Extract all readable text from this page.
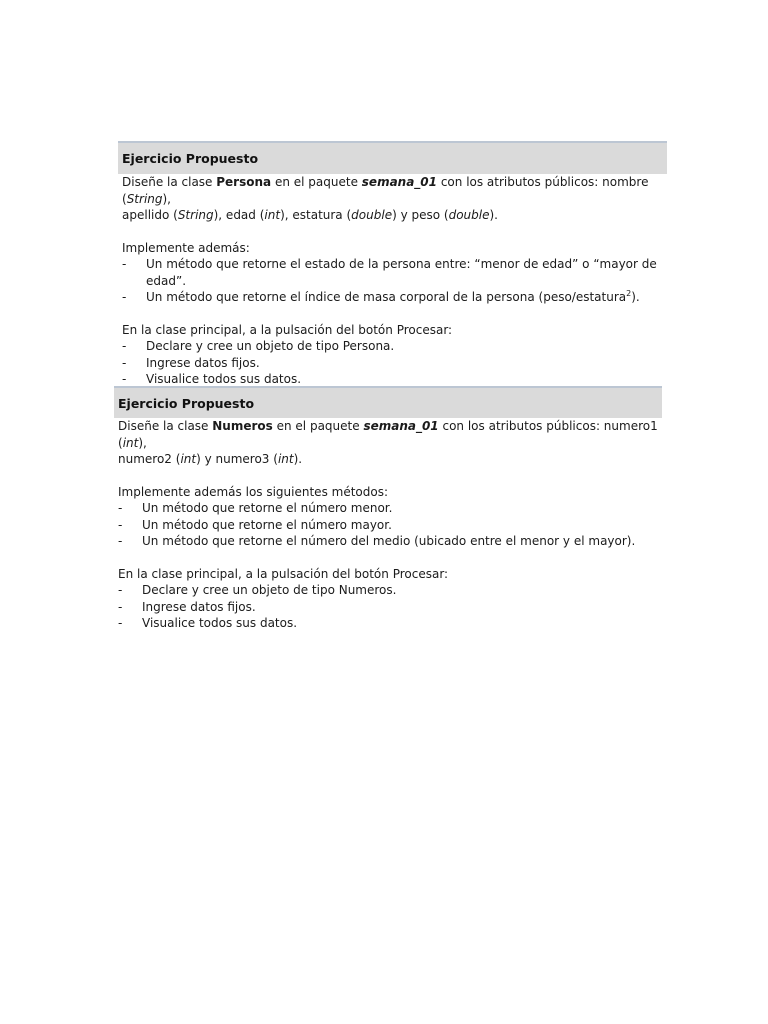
Ejercicio Propuesto

Diseñe la clase Persona en el paquete semana_01 con los atributos públicos: nombre (String),
apellido (String), edad (int), estatura (double) y peso (double).

Implemente además:

-	Un método que retorne el estado de la persona entre: “menor de edad” o “mayor de edad”.
-	Un método que retorne el índice de masa corporal de la persona (peso/estatura$^2$).

En la clase principal, a la pulsación del botón Procesar:

-	Declare y cree un objeto de tipo Persona.
-	Ingrese datos fijos.
-	Visualice todos sus datos.
Ejercicio Propuesto

Diseñe la clase Numeros en el paquete semana_01 con los atributos públicos: numero1 (int),
numero2 (int) y numero3 (int).

Implemente además los siguientes métodos:

-	Un método que retorne el número menor.
-	Un método que retorne el número mayor.
-	Un método que retorne el número del medio (ubicado entre el menor y el mayor).

En la clase principal, a la pulsación del botón Procesar:

-	Declare y cree un objeto de tipo Numeros.
-	Ingrese datos fijos.
-	Visualice todos sus datos.
